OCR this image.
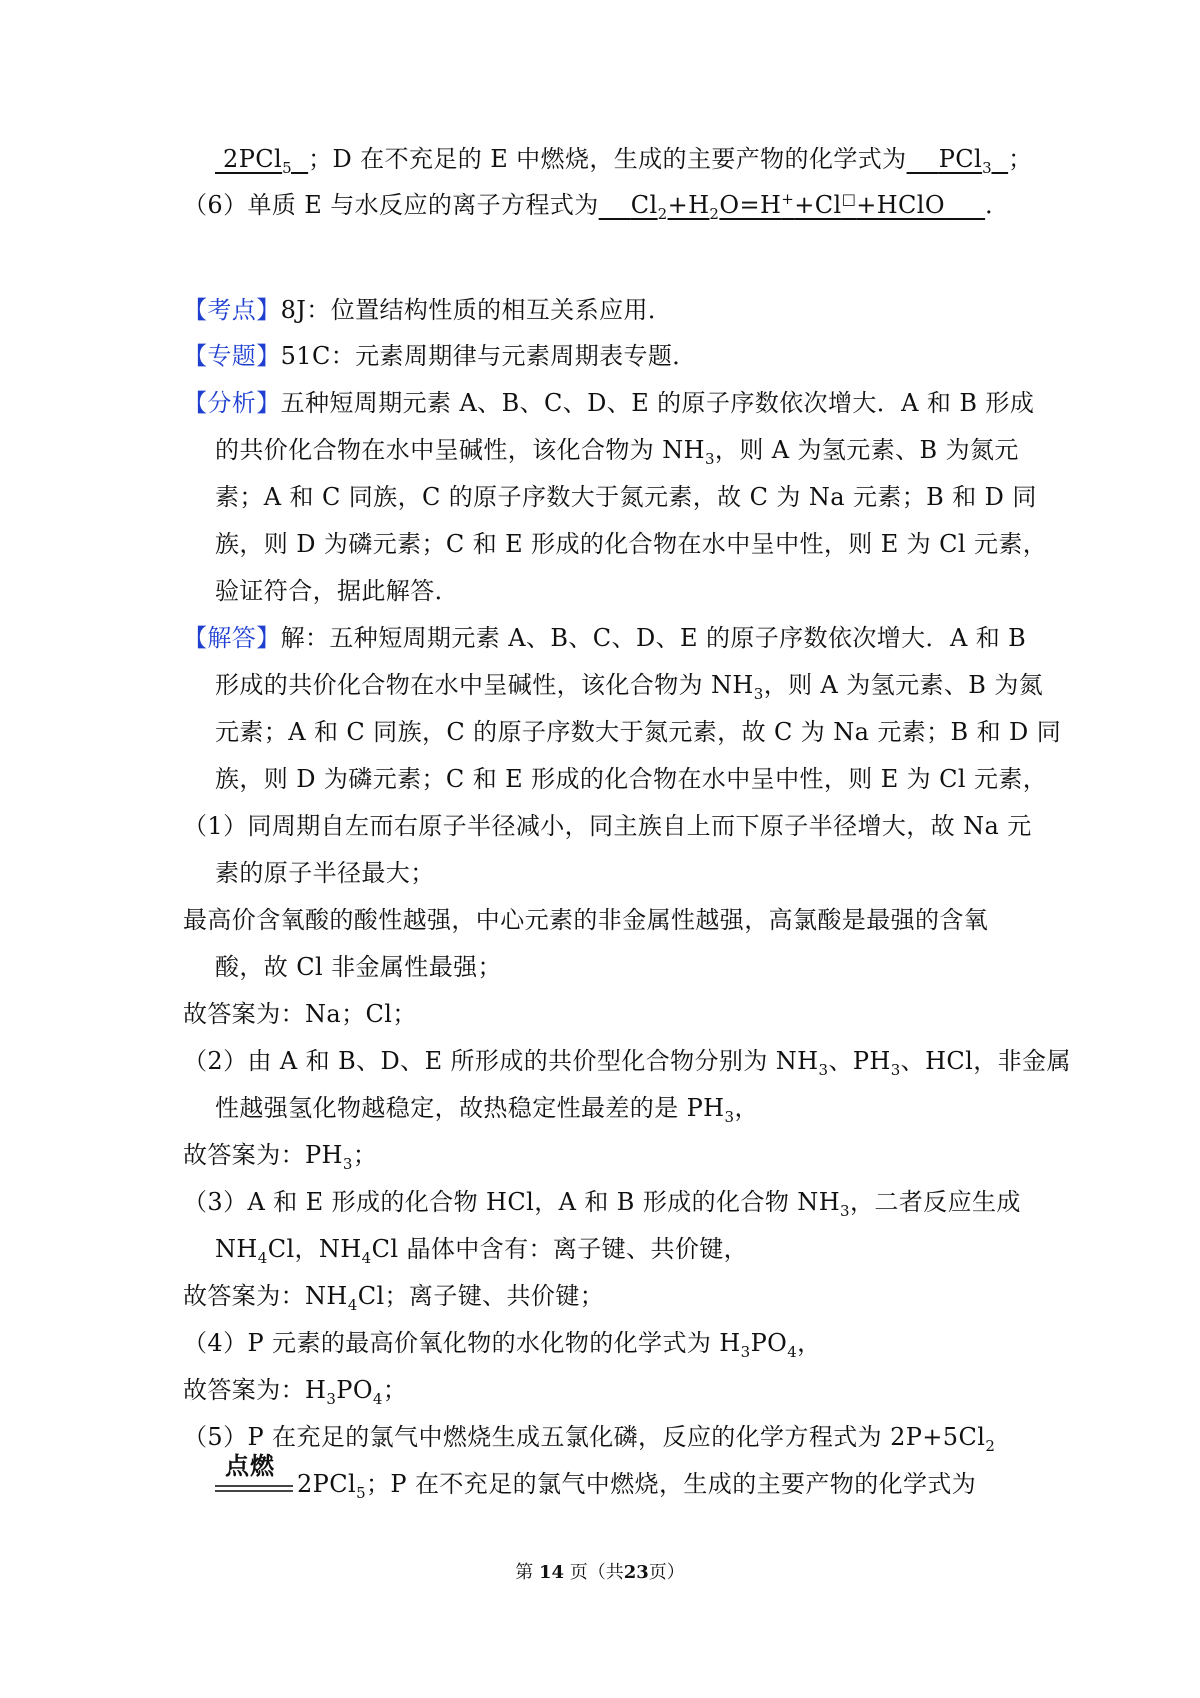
2PCl$_5$ ；D 在不充足的 E 中燃烧，生成的主要产物的化学式为 PCl$_3$ ；
（6）单质 E 与水反应的离子方程式为 $Cl_2+H_2O=H^++Cl^□+HClO$ ．
【考点】8J：位置结构性质的相互关系应用．
【专题】51C：元素周期律与元素周期表专题．
【分析】五种短周期元素 A、B、C、D、E 的原子序数依次增大．A 和 B 形成
的共价化合物在水中呈碱性，该化合物为 $NH_3$，则 A 为氢元素、B 为氮元
素；A 和 C 同族，C 的原子序数大于氮元素，故 C 为 Na 元素；B 和 D 同
族，则 D 为磷元素；C 和 E 形成的化合物在水中呈中性，则 E 为 Cl 元素，
验证符合，据此解答．
【解答】解：五种短周期元素 A、B、C、D、E 的原子序数依次增大．A 和 B
形成的共价化合物在水中呈碱性，该化合物为 $NH_3$，则 A 为氢元素、B 为氮
元素；A 和 C 同族，C 的原子序数大于氮元素，故 C 为 Na 元素；B 和 D 同
族，则 D 为磷元素；C 和 E 形成的化合物在水中呈中性，则 E 为 Cl 元素，
（1）同周期自左而右原子半径减小，同主族自上而下原子半径增大，故 Na 元
素的原子半径最大；
最高价含氧酸的酸性越强，中心元素的非金属性越强，高氯酸是最强的含氧
酸，故 Cl 非金属性最强；
故答案为：Na；Cl；
（2）由 A 和 B、D、E 所形成的共价型化合物分别为 $NH_3$、$PH_3$、HCl，非金属
性越强氢化物越稳定，故热稳定性最差的是 $PH_3$，
故答案为：$PH_3$；
（3）A 和 E 形成的化合物 HCl，A 和 B 形成的化合物 $NH_3$，二者反应生成
$NH_4Cl$，$NH_4Cl$ 晶体中含有：离子键、共价键，
故答案为：$NH_4Cl$；离子键、共价键；
（4）P 元素的最高价氧化物的水化物的化学式为 $H_3PO_4$，
故答案为：$H_3PO_4$；
（5）P 在充足的氯气中燃烧生成五氯化磷，反应的化学方程式为 $2P+5Cl_2$
点燃
2PCl$_5$；P 在不充足的氯气中燃烧，生成的主要产物的化学式为
第 14 页（共23页）
